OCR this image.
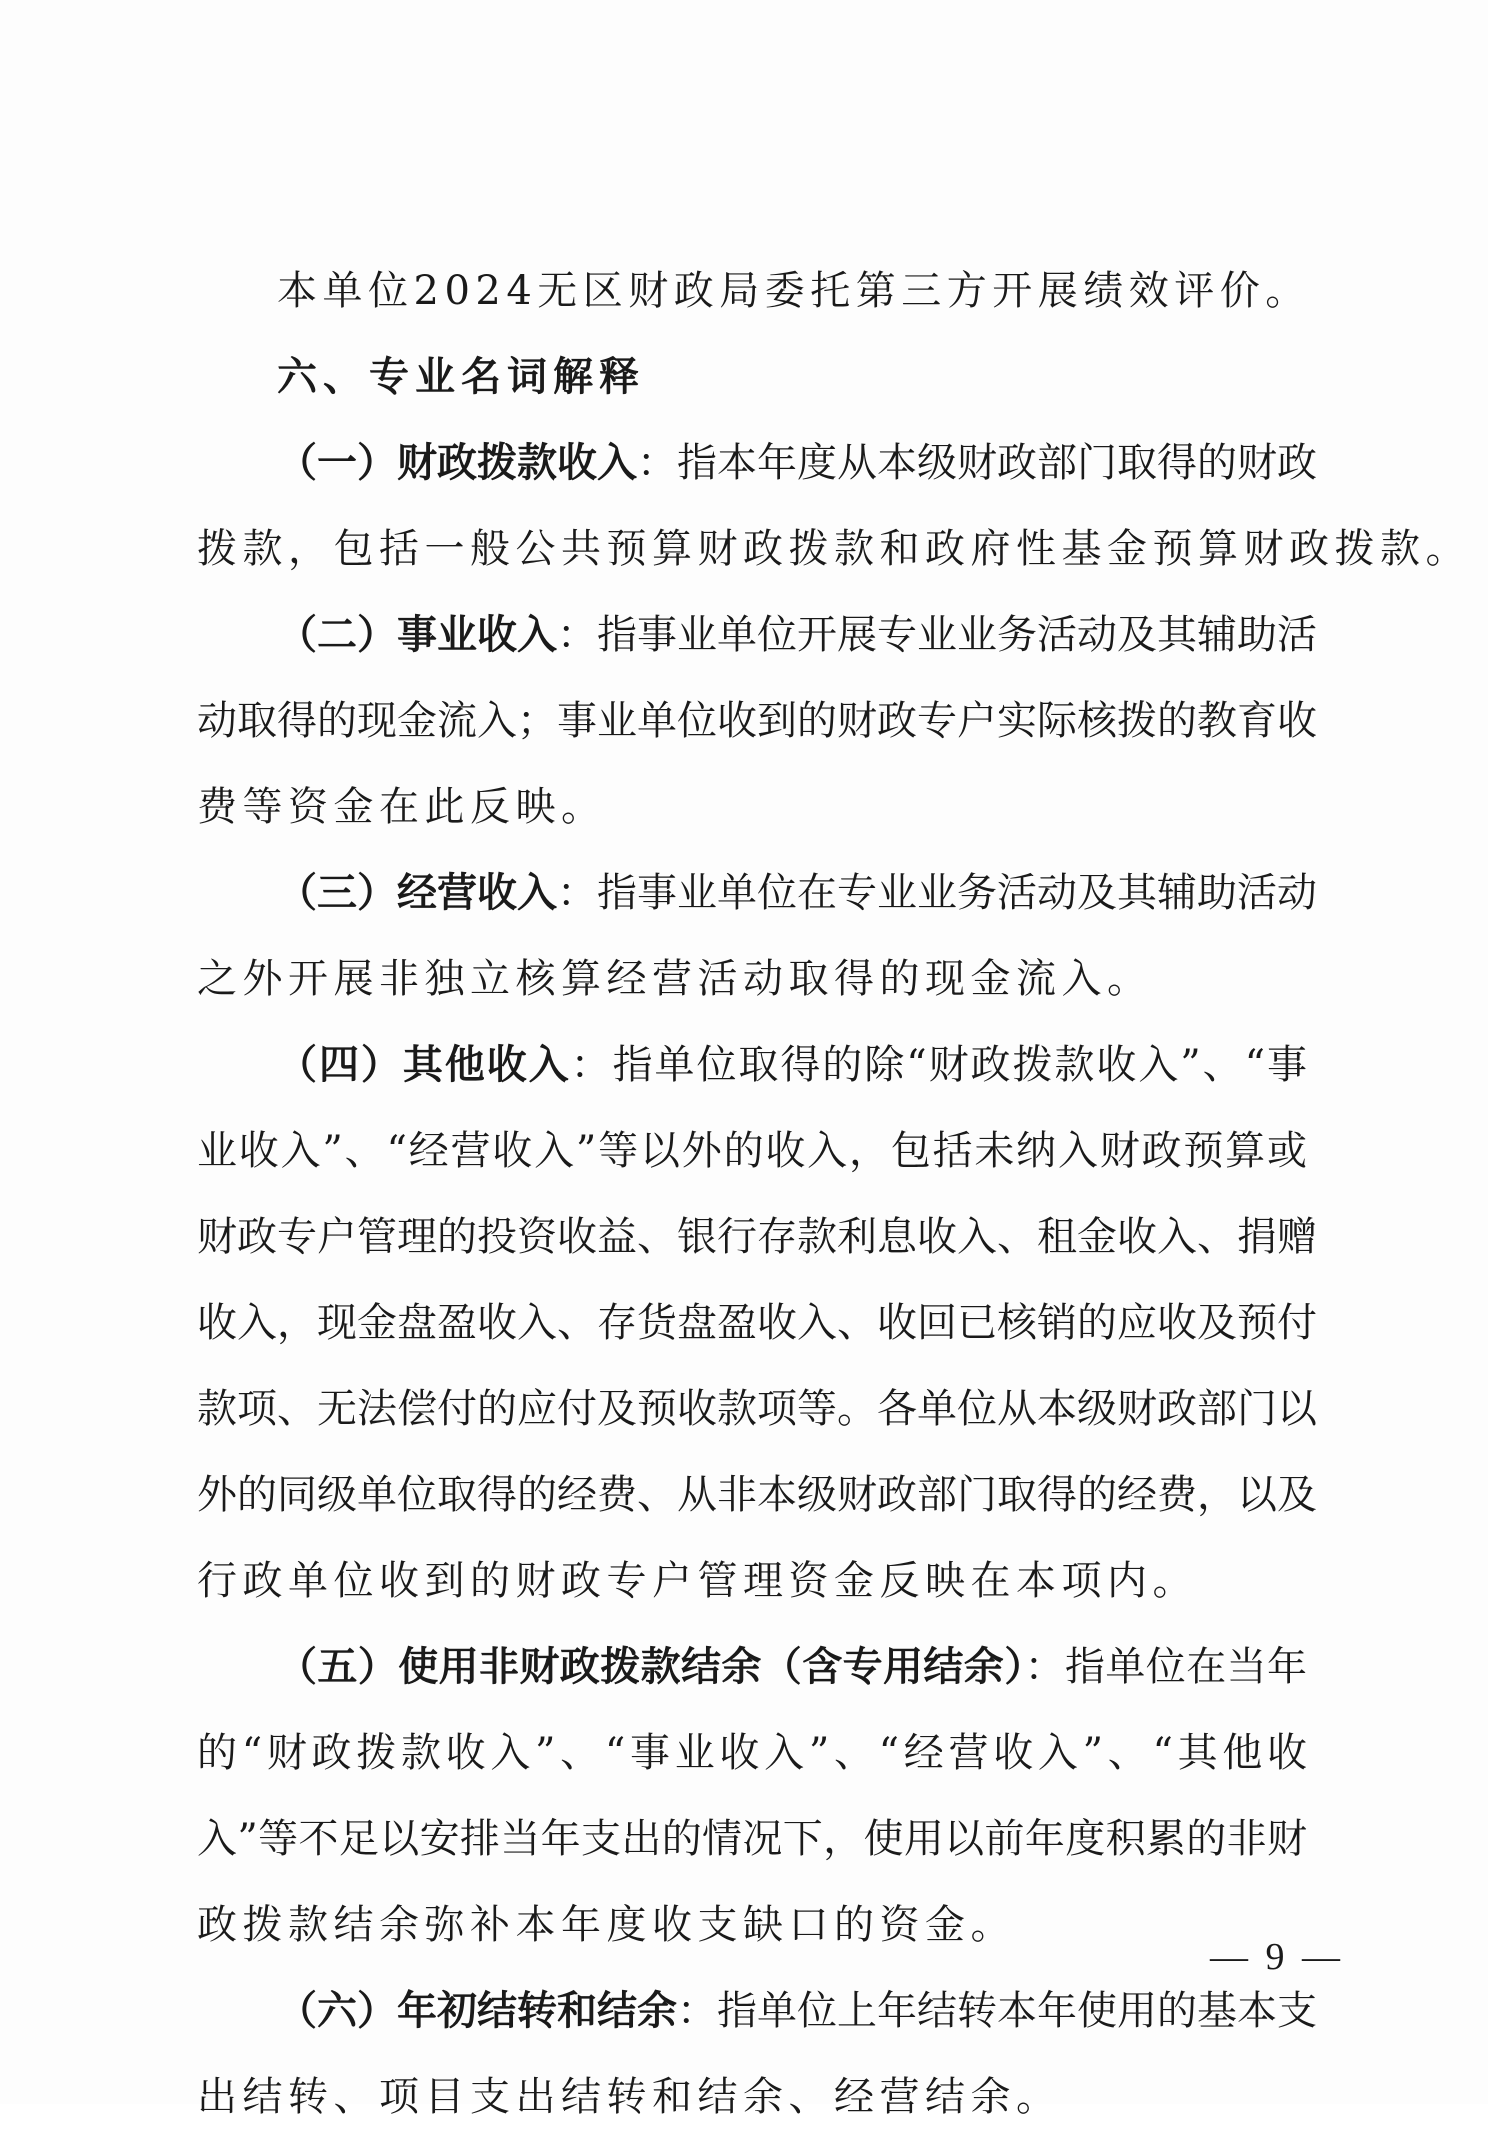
本单位2024无区财政局委托第三方开展绩效评价。
六、专业名词解释
（一）财政拨款收入：指本年度从本级财政部门取得的财政
拨款，包括一般公共预算财政拨款和政府性基金预算财政拨款。
（二）事业收入：指事业单位开展专业业务活动及其辅助活
动取得的现金流入；事业单位收到的财政专户实际核拨的教育收
费等资金在此反映。
（三）经营收入：指事业单位在专业业务活动及其辅助活动
之外开展非独立核算经营活动取得的现金流入。
（四）其他收入：指单位取得的除“财政拨款收入”、“事
业收入”、“经营收入”等以外的收入，包括未纳入财政预算或
财政专户管理的投资收益、银行存款利息收入、租金收入、捐赠
收入，现金盘盈收入、存货盘盈收入、收回已核销的应收及预付
款项、无法偿付的应付及预收款项等。各单位从本级财政部门以
外的同级单位取得的经费、从非本级财政部门取得的经费，以及
行政单位收到的财政专户管理资金反映在本项内。
（五）使用非财政拨款结余（含专用结余）：指单位在当年
的“财政拨款收入”、“事业收入”、“经营收入”、“其他收
入”等不足以安排当年支出的情况下，使用以前年度积累的非财
政拨款结余弥补本年度收支缺口的资金。
（六）年初结转和结余：指单位上年结转本年使用的基本支
出结转、项目支出结转和结余、经营结余。
— 9 —
